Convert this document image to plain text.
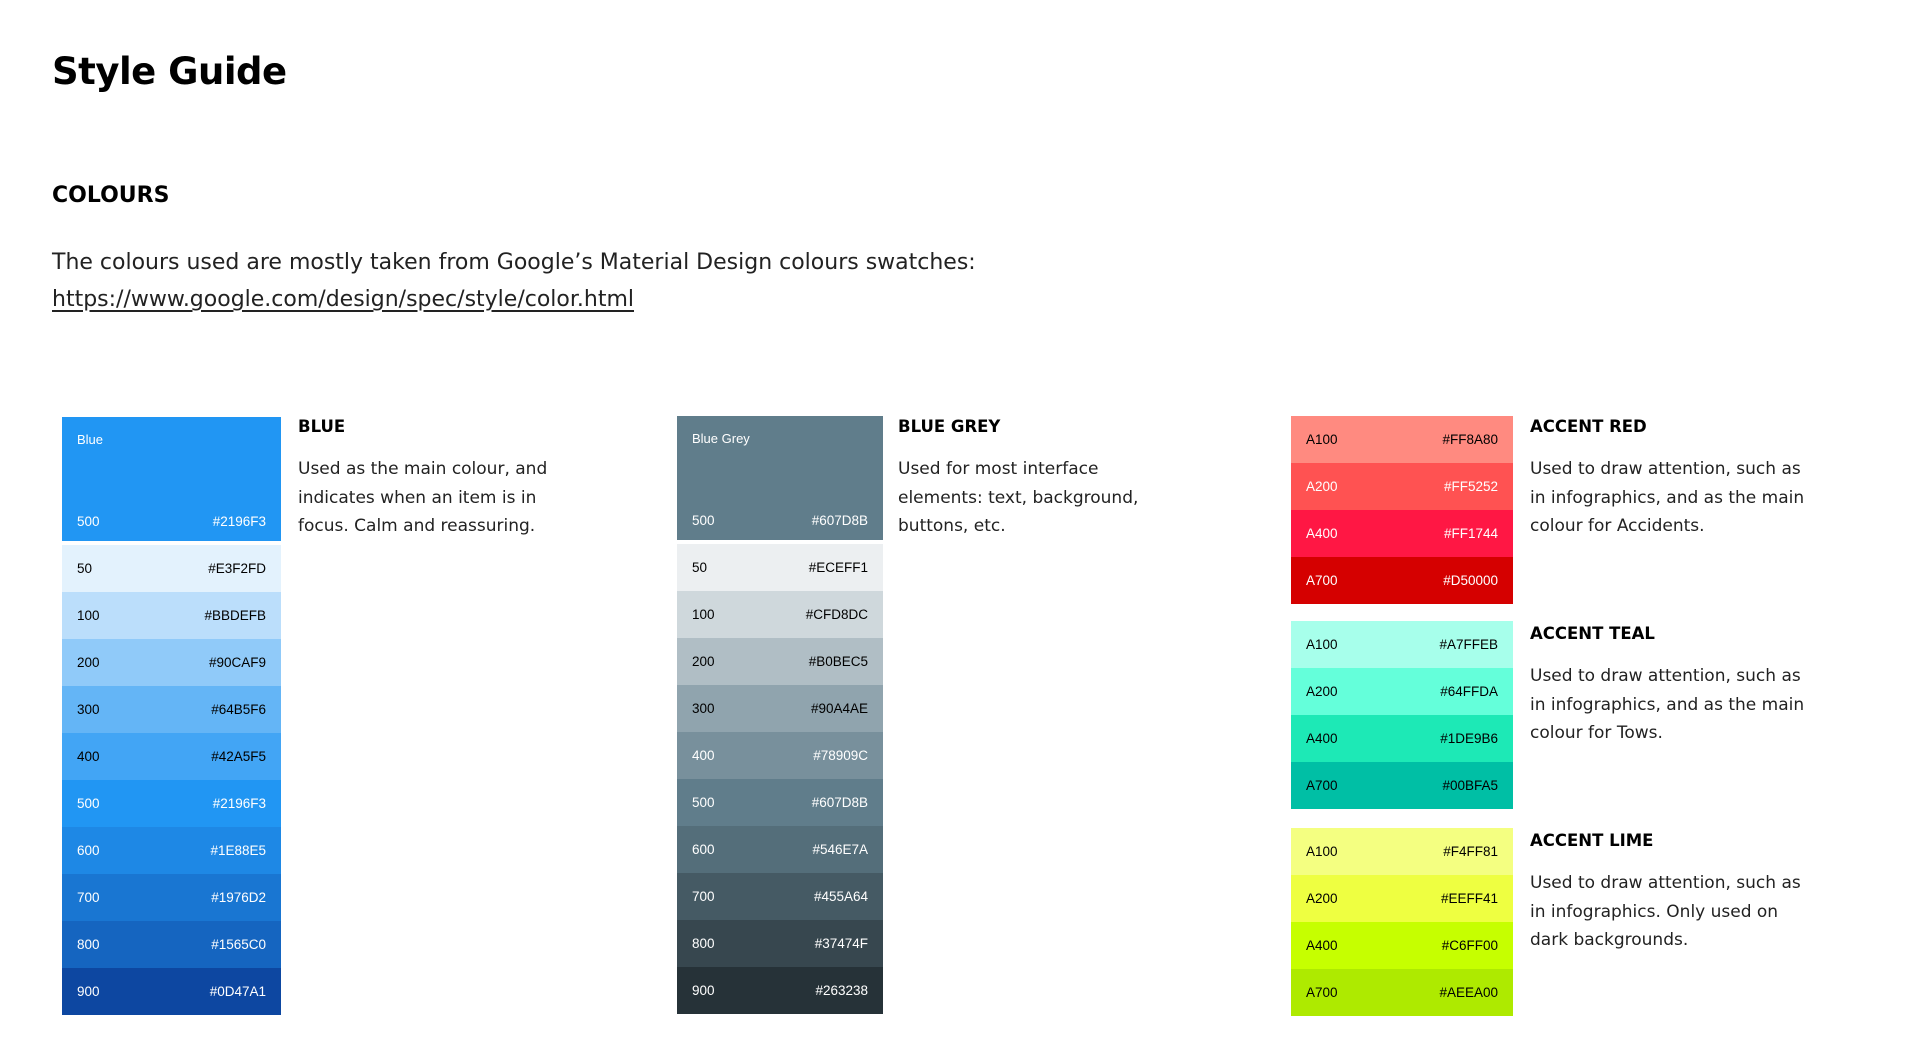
Style Guide
COLOURS
The colours used are mostly taken from Google’s Material Design colours swatches:
https://www.google.com/design/spec/style/color.html
Blue
500	#2196F3
50	#E3F2FD
100	#BBDEFB
200	#90CAF9
300	#64B5F6
400	#42A5F5
500	#2196F3
600	#1E88E5
700	#1976D2
800	#1565C0
900	#0D47A1
BLUE

Used as the main colour, and indicates when an item is in focus. Calm and reassuring.

Blue Grey
500	#607D8B
50	#ECEFF1
100	#CFD8DC
200	#B0BEC5
300	#90A4AE
400	#78909C
500	#607D8B
600	#546E7A
700	#455A64
800	#37474F
900	#263238
BLUE GREY

Used for most interface elements: text, background, buttons, etc.

A100	#FF8A80
A200	#FF5252
A400	#FF1744
A700	#D50000
ACCENT RED

Used to draw attention, such as in infographics, and as the main colour for Accidents.

A100	#A7FFEB
A200	#64FFDA
A400	#1DE9B6
A700	#00BFA5
ACCENT TEAL

Used to draw attention, such as in infographics, and as the main colour for Tows.

A100	#F4FF81
A200	#EEFF41
A400	#C6FF00
A700	#AEEA00
ACCENT LIME

Used to draw attention, such as in infographics. Only used on dark backgrounds.
